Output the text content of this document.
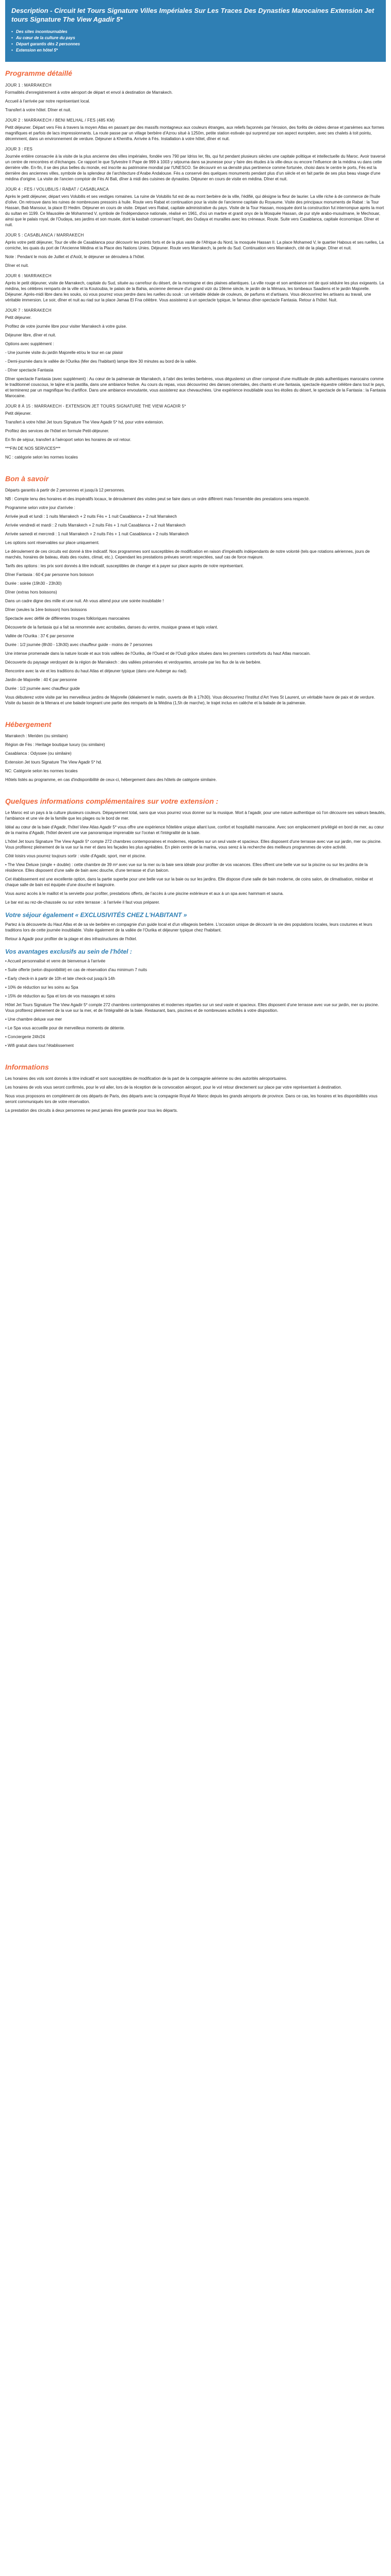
Description - Circuit Iet Tours Signature Villes Impériales Sur Les Traces Des Dynasties Marocaines Extension Jet tours Signature The View Agadir 5*
• Des sites incontournables
• Au cœur de la culture du pays
• Départ garantis dès 2 personnes
• Extension en hôtel 5*
Programme détaillé
JOUR 1 : MARRAKECH

Formalités d'enregistrement à votre aéroport de départ et envol à destination de Marrakech.

Accueil à l'arrivée par notre représentant local.

Transfert à votre hôtel. Dîner et nuit.

JOUR 2 : MARRAKECH / BENI MELHAL / FES (485 KM)

Petit déjeuner. Départ vers Fès à travers la moyen Atlas en passant par des massifs montagneux aux couleurs étranges, aux reliefs façonnés par l'érosion, des forêts de cèdres dense et parsèmes aux formes magnifiques et parfois de lacs impressionnants. La route passe par un village berbère d'Azrou situé à 1250m, petite station estivale qui surprend par son aspect européen, avec ses chalets à toit pointu, décemment, dans un environnement de verdure. Déjeuner à Khenifra. Arrivée à Fès. Installation à votre hôtel, dîner et nuit.

JOUR 3 : FES

Journée entière consacrée à la visite de la plus ancienne des villes impériales, fondée vers 790 par Idriss Ier, fils, qui fut pendant plusieurs siècles une capitale politique et intellectuelle du Maroc. Avoir traversé un centre de rencontres et d'échanges. Ce rapport le que Sylvestre II Pape de 999 à 1003 y séjourna dans sa jeunesse pour y faire des études à la ville-deux ou encore l'influence de la médina vu dans cette dernière ville. En-fin, il se des plus belles du monde, est inscrite au patrimoine mondial par l'UNESCO. Se découvrir en sa densité plus pertinence comme fortunée, choisi dans le centre le ports, Fès est la dernière des anciennes villes, symbole de la splendeur de l'architecture d'Arabe Andalouse. Fès a conservé des quelques monuments pendant plus d'un siècle et en fait partie de ses plus beau visage d'une médina d'origine. La visite de l'ancien comptoir de Fès Al Bali, dîner à midi des cuisines de dynasties. Déjeuner en cours de visite en médina. Dîner et nuit.

JOUR 4 : FES / VOLUBILIS / RABAT / CASABLANCA

Après le petit déjeuner, départ vers Volubilis et ses vestiges romaines. La ruine de Volubilis fut est de au mont berbère de la ville, l'édifié, qui désigne la fleur de laurier. La ville riche à de commerce de l'huile d'olive. On retrouve dans les ruines de nombreuses pressoirs à huile. Route vers Rabat et continuation pour la visite de l'ancienne capitale du Royaume. Visite des principaux monuments de Rabat : la Tour Hassan, Bab Mansour, la place El Hedim. Déjeuner en cours de visite. Départ vers Rabat, capitale administrative du pays. Visite de la Tour Hassan, mosquée dont la construction fut interrompue après la mort du sultan en 1199. Ce Mausolée de Mohammed V, symbole de l'indépendance nationale, réalisé en 1961, d'où un marbre et granit onyx de la Mosquée Hassan, de pur style arabo-musulmane, le Mechouar, ainsi que le palais royal, de l'Oudaya, ses jardins et son musée, dont la kasbah conservant l'esprit, des Oudaya et murailles avec les créneaux. Route. Suite vers Casablanca, capitale économique. Dîner et nuit.

JOUR 5 : CASABLANCA / MARRAKECH

Après votre petit déjeuner, Tour de ville de Casablanca pour découvrir les points forts et de la plus vaste de l'Afrique du Nord, la mosquée Hassan II. La place Mohamed V, le quartier Habous et ses ruelles, La corniche, les quais du port de l'Ancienne Médina et la Place des Nations Unies. Déjeuner. Route vers Marrakech, la perle du Sud. Continuation vers Marrakech, cité de la plage. Dîner et nuit.

Note : Pendant le mois de Juillet et d'Août, le déjeuner se déroulera à l'hôtel.

Dîner et nuit.

JOUR 6 : MARRAKECH

Après le petit déjeuner, visite de Marrakech, capitale du Sud, située au carrefour du désert, de la montagne et des plaines atlantiques. La ville rouge et son ambiance ont de quoi séduire les plus exigeants. La médina, les célèbres remparts de la ville et la Koutoubia, le palais de la Bahia, ancienne demeure d'un grand vizir du 19ème siècle, le jardin de la Ménara, les tombeaux Saadiens et le jardin Majorelle. Déjeuner. Après-midi libre dans les souks, où vous pourrez vous perdre dans les ruelles du souk : un véritable dédale de couleurs, de parfums et d'artisans. Vous découvrirez les artisans au travail, une véritable immersion. Le soir, dîner et nuit au riad sur la place Jamaa El Fna célèbre. Vous assisterez à un spectacle typique, le fameux dîner-spectacle Fantasia. Retour à l'hôtel. Nuit.

JOUR 7 : MARRAKECH

Petit déjeuner.

Profitez de votre journée libre pour visiter Marrakech à votre guise.

Déjeuner libre, dîner et nuit.

Options avec supplément :

- Une journée visite du jardin Majorelle et/ou le tour en car plaisir

- Demi-journée dans le vallée de l'Ourika (Mer des l'habitant) lampe libre 30 minutes au bord de la vallée.

- Dîner spectacle Fantasia

Dîner spectacle Fantasia (avec supplément) : Au cœur de la palmeraie de Marrakech, à l'abri des tentes berbères, vous dégusterez un dîner composé d'une multitude de plats authentiques marocains comme le traditionnel couscous, le tajine et la pastilla, dans une ambiance festive. Au cours du repas, vous découvrirez des danses orientales, des chants et une fantasia, spectacle équestre célèbre dans tout le pays, et terminerez par un magnifique feu d'artifice. Dans une ambiance envoutante, vous assisterez aux chevauchées. Une expérience inoubliable sous les étoiles du désert, le spectacle de la Fantasia : la Fantasia Marocaine.

JOUR 8 À 15 : MARRAKECH - EXTENSION JET TOURS SIGNATURE THE VIEW AGADIR 5*

Petit déjeuner.

Transfert à votre hôtel Jet tours Signature The View Agadir 5* hd, pour votre extension.

Profitez des services de l'hôtel en formule Petit-déjeuner.

En fin de séjour, transfert à l'aéroport selon les horaires de vol retour.

***FIN DE NOS SERVICES***

NC : catégorie selon les normes locales

Bon à savoir

Départs garantis à partir de 2 personnes et jusqu'à 12 personnes.

NB : Compte tenu des horaires et des impératifs locaux, le déroulement des visites peut se faire dans un ordre différent mais l'ensemble des prestations sera respecté.

Programme selon votre jour d'arrivée :

Arrivée jeudi et lundi : 1 nuits Marrakech + 2 nuits Fès + 1 nuit Casablanca + 2 nuit Marrakech

Arrivée vendredi et mardi : 2 nuits Marrakech + 2 nuits Fès + 1 nuit Casablanca + 2 nuit Marrakech

Arrivée samedi et mercredi : 1 nuit Marrakech + 2 nuits Fès + 1 nuit Casablanca + 2 nuits Marrakech

Les options sont réservables sur place uniquement.

Le déroulement de ces circuits est donné à titre indicatif. Nos programmes sont susceptibles de modification en raison d'impératifs indépendants de notre volonté (tels que rotations aériennes, jours de marchés, horaires de bateau, états des routes, climat, etc.). Cependant les prestations prévues seront respectées, sauf cas de force majeure.

Tarifs des options : les prix sont donnés à titre indicatif, susceptibles de changer et à payer sur place auprès de notre représentant.

Dîner Fantasia : 60 € par personne hors boisson

Durée : soirée (19h30 - 23h30)

Dîner (extras hors boissons)

Dans un cadre digne des mille et une nuit. Ah vous attend pour une soirée inoubliable !

Dîner (seules la 1ère boisson) hors boissons

Spectacle avec défilé de différentes troupes folkloriques marocaines

Découverte de la fantasia qui a fait sa renommée avec acrobaties, danses du ventre, musique gnawa et tapis volant.

Vallée de l'Ourika : 37 € par personne

Durée : 1/2 journée (8h30 - 13h30) avec chauffeur guide - moins de 7 personnes

Une intense promenade dans la nature locale et aux trois vallées de l'Ourika, de l'Oued et de l'Oudi grâce situées dans les premiers contreforts du haut Atlas marocain.

Découverte du paysage verdoyant de la région de Marrakech : des vallées préservées et verdoyantes, arrosée par les flux de la vie berbère.

Rencontre avec la vie et les traditions du haut Atlas et déjeuner typique (dans une Auberge au riad).

Jardin de Majorelle : 40 € par personne

Durée : 1/2 journée avec chauffeur guide

Vous débuterez votre visite par les merveilleux jardins de Majorelle (idéalement le matin, ouverts de 8h à 17h30). Vous découvrirez l'Institut d'Art Yves St Laurent, un véritable havre de paix et de verdure. Visite du bassin de la Menara et une balade longeant une partie des remparts de la Médina (1,5h de marche), le trajet inclus en calèche et la balade de la palmeraie.

Hébergement

Marrakech : Meriden (ou similaire)

Région de Fès : Heritage boutique luxury (ou similaire)

Casablanca : Odyssee (ou similaire)

Extension Jet tours Signature The View Agadir 5* hd.

NC: Catégorie selon les normes locales

Hôtels listés au programme, en cas d'indisponibilité de ceux-ci, hébergement dans des hôtels de catégorie similaire.

Quelques informations complémentaires sur votre extension :

Le Maroc est un pays à la culture plusieurs couleurs. Dépaysement total, sans que vous pourrez vous donner sur la musique. Mort à l'agadir, pour une nature authentique où l'on découvre ses valeurs beautés, l'ambiance et une vie de la famille que les plages ou le bord de mer.

Idéal au cœur de la baie d'Agadir, l'hôtel View Atlas Agadir 5* vous offre une expérience hôtelière unique allant luxe, confort et hospitalité marocaine. Avec son emplacement privilégié en bord de mer, au cœur de la marina d'Agadir, l'hôtel devient une vue panoramique imprenable sur l'océan et l'intégralité de la baie.

L'hôtel Jet tours Signature The View Agadir 5* compte 272 chambres contemporaines et modernes, réparties sur un seul vaste et spacieux. Elles disposent d'une terrasse avec vue sur jardin, mer ou piscine. Vous profiterez pleinement de la vue sur la mer et dans les façades les plus agréables. En plein centre de la marina, vous serez à la recherche des meilleurs programmes de votre activité.

Côté loisirs vous pourrez toujours sortir : visite d'Agadir, sport, mer et piscine.

• The View Deluxe (single + double) : cette chambre de 39 m² avec vue sur la mer ou la baie sera idéale pour profiter de vos vacances. Elles offrent une belle vue sur la piscine ou sur les jardins de la résidence. Elles disposent d'une salle de bain avec douche, d'une terrasse et d'un balcon.

Cet établissement est une excellente option, dans la partie superbe pour une belle vue sur la baie ou sur les jardins. Elle dispose d'une salle de bain moderne, de coins salon, de climatisation, minibar et chaque salle de bain est équipée d'une douche et baignoire.

Vous aurez accès à le maillot et la serviette pour profiter, prestations offerts, de l'accès à une piscine extérieure et aux à un spa avec hammam et sauna.

Le bar est au rez-de-chaussée ou sur votre terrasse : à l'arrivée il faut vous préparer.

Votre séjour également « EXCLUSIVITÉS CHEZ L'HABITANT »

Partez à la découverte du Haut Atlas et de sa vie berbère en compagnie d'un guide local et d'un villageois berbère. L'occasion unique de découvrir la vie des populations locales, leurs coutumes et leurs traditions lors de cette journée inoubliable. Visite également de la vallée de l'Ourika et déjeuner typique chez l'habitant.

Retour à Agadir pour profiter de la plage et des infrastructures de l'hôtel.

Vos avantages exclusifs au sein de l'hôtel :

• Accueil personnalisé et verre de bienvenue à l'arrivée

• Suite offerte (selon disponibilité) en cas de réservation d'au minimum 7 nuits

• Early check-in à partir de 10h et late check-out jusqu'à 14h

• 10% de réduction sur les soins au Spa

• 15% de réduction au Spa et lors de vos massages et soins

Hôtel Jet Tours Signature The View Agadir 5* compte 272 chambres contemporaines et modernes réparties sur un seul vaste et spacieux. Elles disposent d'une terrasse avec vue sur jardin, mer ou piscine. Vous profiterez pleinement de la vue sur la mer, et de l'intégralité de la baie. Restaurant, bars, piscines et de nombreuses activités à votre disposition.

• Une chambre deluxe vue mer

• Le Spa vous accueille pour de merveilleux moments de détente.

• Conciergerie 24h/24

• Wifi gratuit dans tout l'établissement

Informations

Les horaires des vols sont donnés à titre indicatif et sont susceptibles de modification de la part de la compagnie aérienne ou des autorités aéroportuaires.

Les horaires de vols vous seront confirmés, pour le vol aller, lors de la réception de la convocation aéroport, pour le vol retour directement sur place par votre représentant à destination.

Nous vous proposons en complément de ces départs de Paris, des départs avec la compagnie Royal Air Maroc depuis les grands aéroports de province. Dans ce cas, les horaires et les disponibilités vous seront communiqués lors de votre réservation.

La prestation des circuits à deux personnes ne peut jamais être garantie pour tous les départs.
